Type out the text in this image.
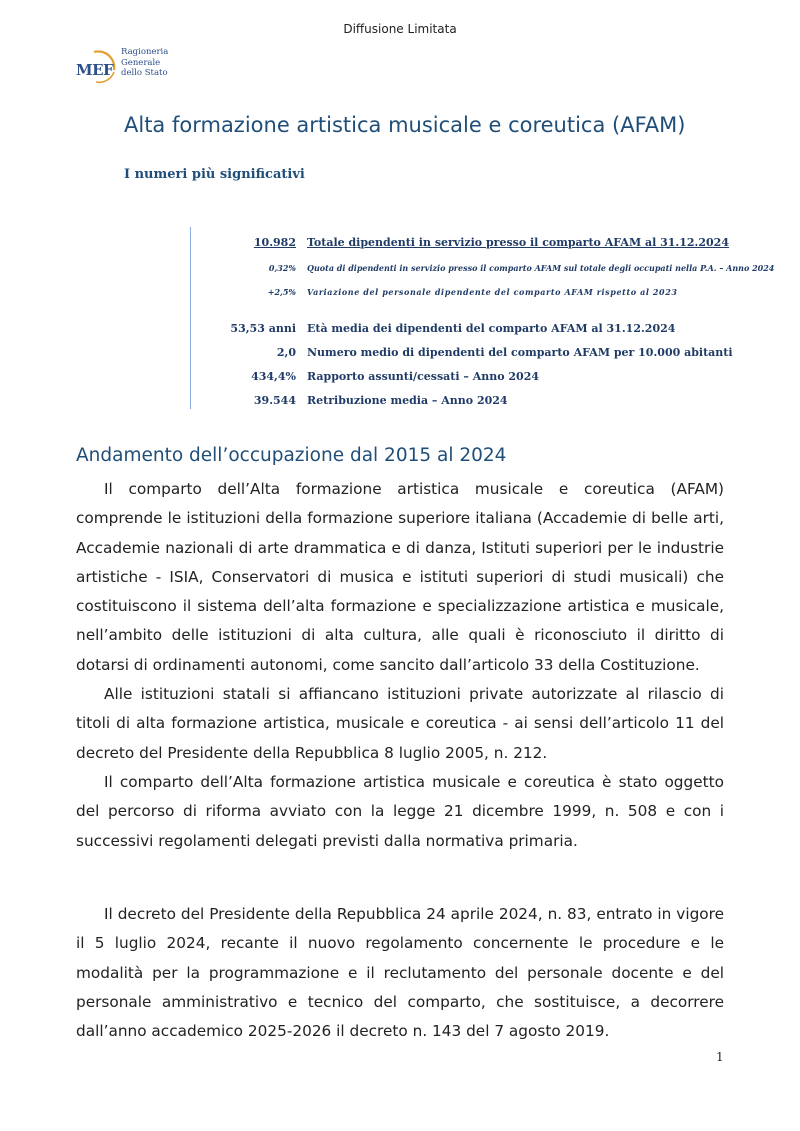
Diffusione Limitata
MEF
Ragioneria
Generale
dello Stato
Alta formazione artistica musicale e coreutica (AFAM)
I numeri più significativi
10.982 Totale dipendenti in servizio presso il comparto AFAM al 31.12.2024
0,32% Quota di dipendenti in servizio presso il comparto AFAM sul totale degli occupati nella P.A. – Anno 2024
+2,5% Variazione del personale dipendente del comparto AFAM rispetto al 2023
53,53 anni Età media dei dipendenti del comparto AFAM al 31.12.2024
2,0 Numero medio di dipendenti del comparto AFAM per 10.000 abitanti
434,4% Rapporto assunti/cessati – Anno 2024
39.544 Retribuzione media – Anno 2024
Andamento dell’occupazione dal 2015 al 2024

Il comparto dell’Alta formazione artistica musicale e coreutica (AFAM) comprende le istituzioni della formazione superiore italiana (Accademie di belle arti, Accademie nazionali di arte drammatica e di danza, Istituti superiori per le industrie artistiche - ISIA, Conservatori di musica e istituti superiori di studi musicali) che costituiscono il sistema dell’alta formazione e specializzazione artistica e musicale, nell’ambito delle istituzioni di alta cultura, alle quali è riconosciuto il diritto di dotarsi di ordinamenti autonomi, come sancito dall’articolo 33 della Costituzione.

Alle istituzioni statali si affiancano istituzioni private autorizzate al rilascio di titoli di alta formazione artistica, musicale e coreutica - ai sensi dell’articolo 11 del decreto del Presidente della Repubblica 8 luglio 2005, n. 212.

Il comparto dell’Alta formazione artistica musicale e coreutica è stato oggetto del percorso di riforma avviato con la legge 21 dicembre 1999, n. 508 e con i successivi regolamenti delegati previsti dalla normativa primaria.

Il decreto del Presidente della Repubblica 24 aprile 2024, n. 83, entrato in vigore il 5 luglio 2024, recante il nuovo regolamento concernente le procedure e le modalità per la programmazione e il reclutamento del personale docente e del personale amministrativo e tecnico del comparto, che sostituisce, a decorrere dall’anno accademico 2025-2026 il decreto n. 143 del 7 agosto 2019.

1
